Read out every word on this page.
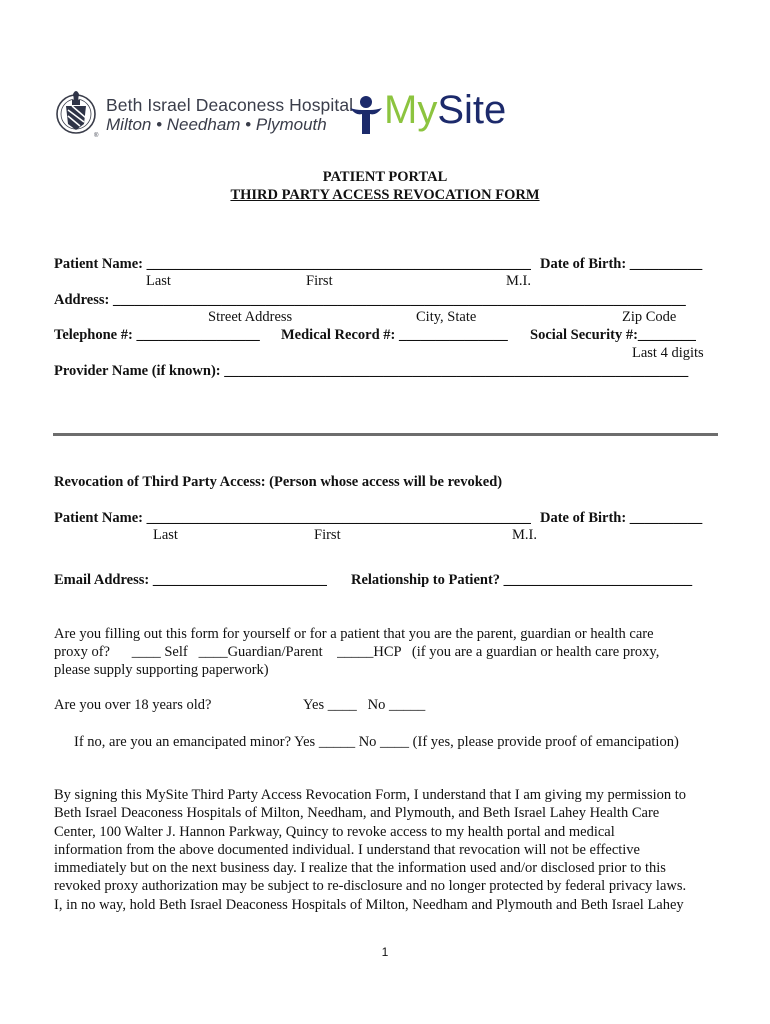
®
Beth Israel Deaconess Hospital
Milton • Needham • Plymouth MySite
PATIENT PORTAL
THIRD PARTY ACCESS REVOCATION FORM
Patient Name: _____________________________________________________ Date of Birth: __________
Last	First	M.I.
Address: _______________________________________________________________________________
Street Address	City, State	Zip Code
Telephone #: _________________ Medical Record #: _______________ Social Security #:________
Last 4 digits
Provider Name (if known): ________________________________________________________________
Revocation of Third Party Access: (Person whose access will be revoked)
Patient Name: _____________________________________________________ Date of Birth: __________
Last	First	M.I.
Email Address: ________________________ Relationship to Patient? __________________________
Are you filling out this form for yourself or for a patient that you are the parent, guardian or health care
proxy of?      ____ Self   ____Guardian/Parent    _____HCP   (if you are a guardian or health care proxy,
please supply supporting paperwork)
Are you over 18 years old?	Yes ____   No _____
If no, are you an emancipated minor? Yes _____ No ____ (If yes, please provide proof of emancipation)
By signing this MySite Third Party Access Revocation Form, I understand that I am giving my permission to
Beth Israel Deaconess Hospitals of Milton, Needham, and Plymouth, and Beth Israel Lahey Health Care
Center, 100 Walter J. Hannon Parkway, Quincy to revoke access to my health portal and medical
information from the above documented individual. I understand that revocation will not be effective
immediately but on the next business day. I realize that the information used and/or disclosed prior to this
revoked proxy authorization may be subject to re-disclosure and no longer protected by federal privacy laws.
I, in no way, hold Beth Israel Deaconess Hospitals of Milton, Needham and Plymouth and Beth Israel Lahey
1
